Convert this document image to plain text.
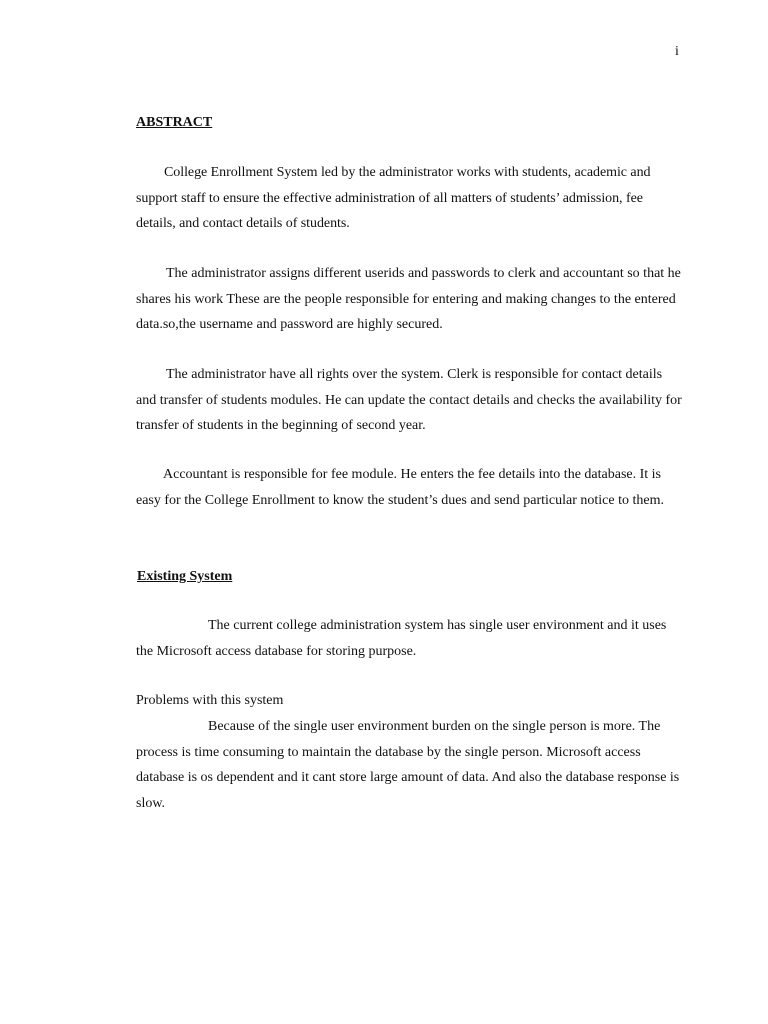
i
ABSTRACT

College Enrollment System led by the administrator works with students, academic and support staff to ensure the effective administration of all matters of students’ admission, fee details, and contact details of students.

The administrator assigns different userids and passwords to clerk and accountant so that he shares his work These are the people responsible for entering and making changes to the entered data.so,the username and password are highly secured.

The administrator have all rights over the system. Clerk is responsible for contact details and transfer of students modules. He can update the contact details and checks the availability for transfer of students in the beginning of second year.

Accountant is responsible for fee module. He enters the fee details into the database. It is easy for the College Enrollment to know the student’s dues and send particular notice to them.

Existing System

The current college administration system has single user environment and it uses the Microsoft access database for storing purpose.

Problems with this system

Because of the single user environment burden on the single person is more. The process is time consuming to maintain the database by the single person. Microsoft access database is os dependent and it cant store large amount of data. And also the database response is slow.
